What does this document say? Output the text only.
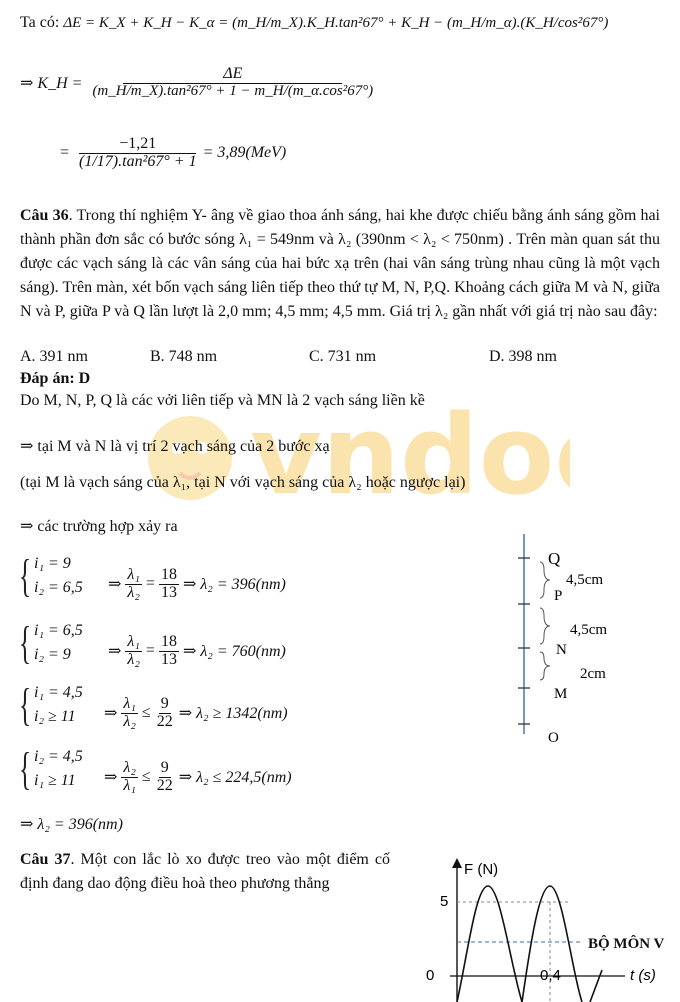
Ta có: ΔE = K_X + K_H − K_α = (m_H/m_X).K_H.tan²67° + K_H − (m_H/m_α).(K_H/cos²67°)
⇒ K_H = $\frac{\Delta E}{\text{(m\_H/m\_X).tan²67° + 1 − m\_H/(m\_α.cos²67°)}}$
= $\frac{-1,21}{\text{(1/17).tan²67° + 1}} = 3,89(MeV)$
Câu 36. Trong thí nghiệm Y- âng về giao thoa ánh sáng, hai khe được chiếu bằng ánh sáng gồm hai thành phần đơn sắc có bước sóng λ₁ = 549nm và λ₂ (390nm < λ₂ < 750nm) . Trên màn quan sát thu được các vạch sáng là các vân sáng của hai bức xạ trên (hai vân sáng trùng nhau cũng là một vạch sáng). Trên màn, xét bốn vạch sáng liên tiếp theo thứ tự M, N, P,Q. Khoảng cách giữa M và N, giữa N và P, giữa P và Q lần lượt là 2,0 mm; 4,5 mm; 4,5 mm. Giá trị λ₂ gần nhất với giá trị nào sau đây:
A. 391 nm	B. 748 nm	C. 731 nm	D. 398 nm
Đáp án: D
vndo
Do M, N, P, Q là các vởi liên tiếp và MN là 2 vạch sáng liền kề
⇒ tại M và N là vị trí 2 vạch sáng của 2 bước xạ
(tại M là vạch sáng của λ₁, tại N với vạch sáng của λ₂ hoặc ngược lại)
⇒ các trường hợp xảy ra
{ i₁ = 9
i₂ = 6,5 ⇒ $\frac{\text{λ₁}}{\text{λ₂}} = \frac{18}{13}$ ⇒ λ₂ = 396(nm)
{ i₁ = 6,5
i₂ = 9 ⇒ $\frac{\text{λ₁}}{\text{λ₂}} = \frac{18}{13}$ ⇒ λ₂ = 760(nm)
{ i₁ = 4,5
i₂ ≥ 11 ⇒ $\frac{\text{λ₁}}{\text{λ₂}} \le \frac{9}{22}$ ⇒ λ₂ ≥ 1342(nm)
{ i₂ = 4,5
i₁ ≥ 11 ⇒ $\frac{\text{λ₂}}{\text{λ₁}} \le \frac{9}{22}$ ⇒ λ₂ ≤ 224,5(nm)
⇒ λ₂ = 396(nm)
Q
P
N
M
O
4,5cm
4,5cm
2cm
Câu 37. Một con lắc lò xo được treo vào một điểm cố định đang dao động điều hoà theo phương thẳng
F (N)
t (s)
5
0	0,4
BỘ MÔN V
